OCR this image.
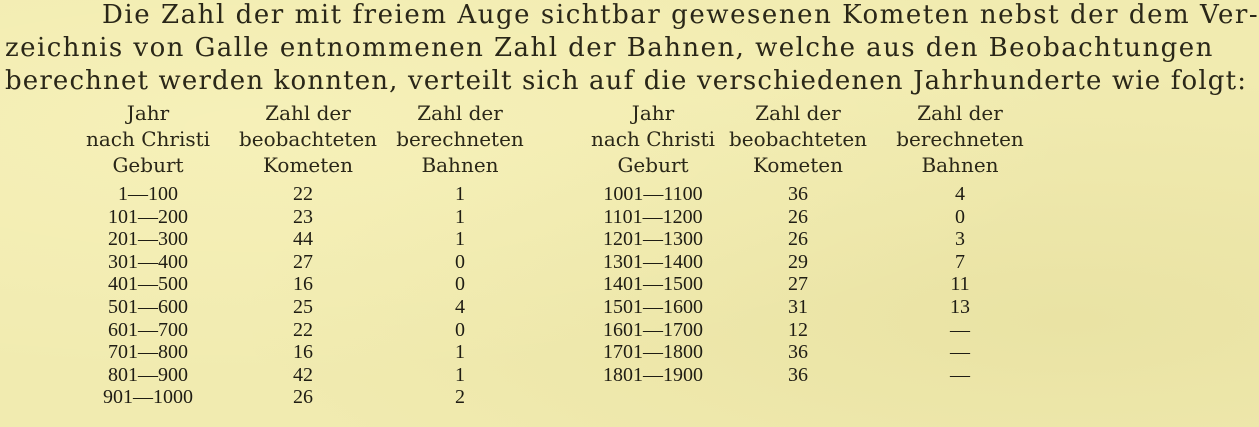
Die Zahl der mit freiem Auge sichtbar gewesenen Kometen nebst der dem Ver-
zeichnis von Galle entnommenen Zahl der Bahnen, welche aus den Beobachtungen
berechnet werden konnten, verteilt sich auf die verschiedenen Jahrhunderte wie folgt:
Jahr
nach Christi
Geburt
Zahl der
beobachteten
Kometen
Zahl der
berechneten
Bahnen
1—100	22	1
101—200	23	1
201—300	44	1
301—400	27	0
401—500	16	0
501—600	25	4
601—700	22	0
701—800	16	1
801—900	42	1
901—1000	26	2
Jahr
nach Christi
Geburt
Zahl der
beobachteten
Kometen
Zahl der
berechneten
Bahnen
1001—1100	36	4
1101—1200	26	0
1201—1300	26	3
1301—1400	29	7
1401—1500	27	11
1501—1600	31	13
1601—1700	12	—
1701—1800	36	—
1801—1900	36	—
